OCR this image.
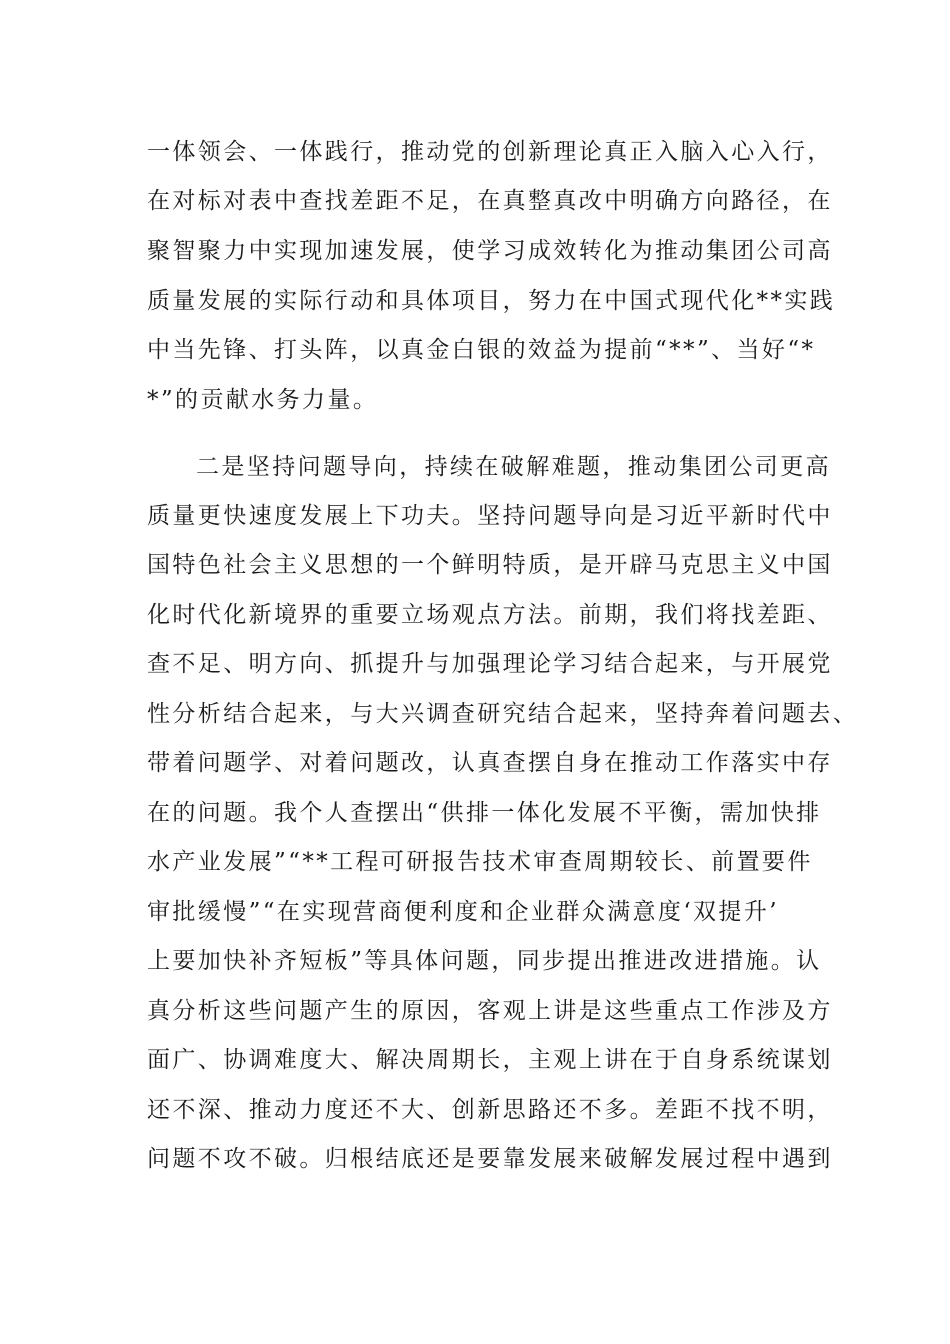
一体领会、一体践行，推动党的创新理论真正入脑入心入行，
在对标对表中查找差距不足，在真整真改中明确方向路径，在
聚智聚力中实现加速发展，使学习成效转化为推动集团公司高
质量发展的实际行动和具体项目，努力在中国式现代化**实践
中当先锋、打头阵，以真金白银的效益为提前“**”、当好“*
*”的贡献水务力量。
二是坚持问题导向，持续在破解难题，推动集团公司更高
质量更快速度发展上下功夫。坚持问题导向是习近平新时代中
国特色社会主义思想的一个鲜明特质，是开辟马克思主义中国
化时代化新境界的重要立场观点方法。前期，我们将找差距、
查不足、明方向、抓提升与加强理论学习结合起来，与开展党
性分析结合起来，与大兴调查研究结合起来，坚持奔着问题去、
带着问题学、对着问题改，认真查摆自身在推动工作落实中存
在的问题。我个人查摆出“供排一体化发展不平衡，需加快排
水产业发展”“**工程可研报告技术审查周期较长、前置要件
审批缓慢”“在实现营商便利度和企业群众满意度‘双提升’
上要加快补齐短板”等具体问题，同步提出推进改进措施。认
真分析这些问题产生的原因，客观上讲是这些重点工作涉及方
面广、协调难度大、解决周期长，主观上讲在于自身系统谋划
还不深、推动力度还不大、创新思路还不多。差距不找不明，
问题不攻不破。归根结底还是要靠发展来破解发展过程中遇到
